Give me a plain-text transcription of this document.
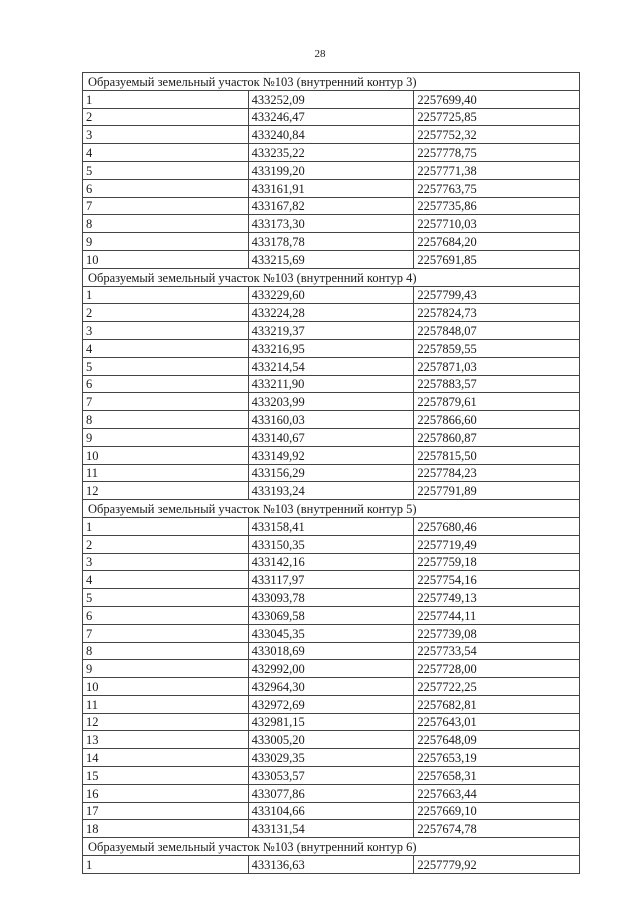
28
Образуемый земельный участок №103 (внутренний контур 3)		
1	433252,09	2257699,40
2	433246,47	2257725,85
3	433240,84	2257752,32
4	433235,22	2257778,75
5	433199,20	2257771,38
6	433161,91	2257763,75
7	433167,82	2257735,86
8	433173,30	2257710,03
9	433178,78	2257684,20
10	433215,69	2257691,85
Образуемый земельный участок №103 (внутренний контур 4)		
1	433229,60	2257799,43
2	433224,28	2257824,73
3	433219,37	2257848,07
4	433216,95	2257859,55
5	433214,54	2257871,03
6	433211,90	2257883,57
7	433203,99	2257879,61
8	433160,03	2257866,60
9	433140,67	2257860,87
10	433149,92	2257815,50
11	433156,29	2257784,23
12	433193,24	2257791,89
Образуемый земельный участок №103 (внутренний контур 5)		
1	433158,41	2257680,46
2	433150,35	2257719,49
3	433142,16	2257759,18
4	433117,97	2257754,16
5	433093,78	2257749,13
6	433069,58	2257744,11
7	433045,35	2257739,08
8	433018,69	2257733,54
9	432992,00	2257728,00
10	432964,30	2257722,25
11	432972,69	2257682,81
12	432981,15	2257643,01
13	433005,20	2257648,09
14	433029,35	2257653,19
15	433053,57	2257658,31
16	433077,86	2257663,44
17	433104,66	2257669,10
18	433131,54	2257674,78
Образуемый земельный участок №103 (внутренний контур 6)		
1	433136,63	2257779,92
